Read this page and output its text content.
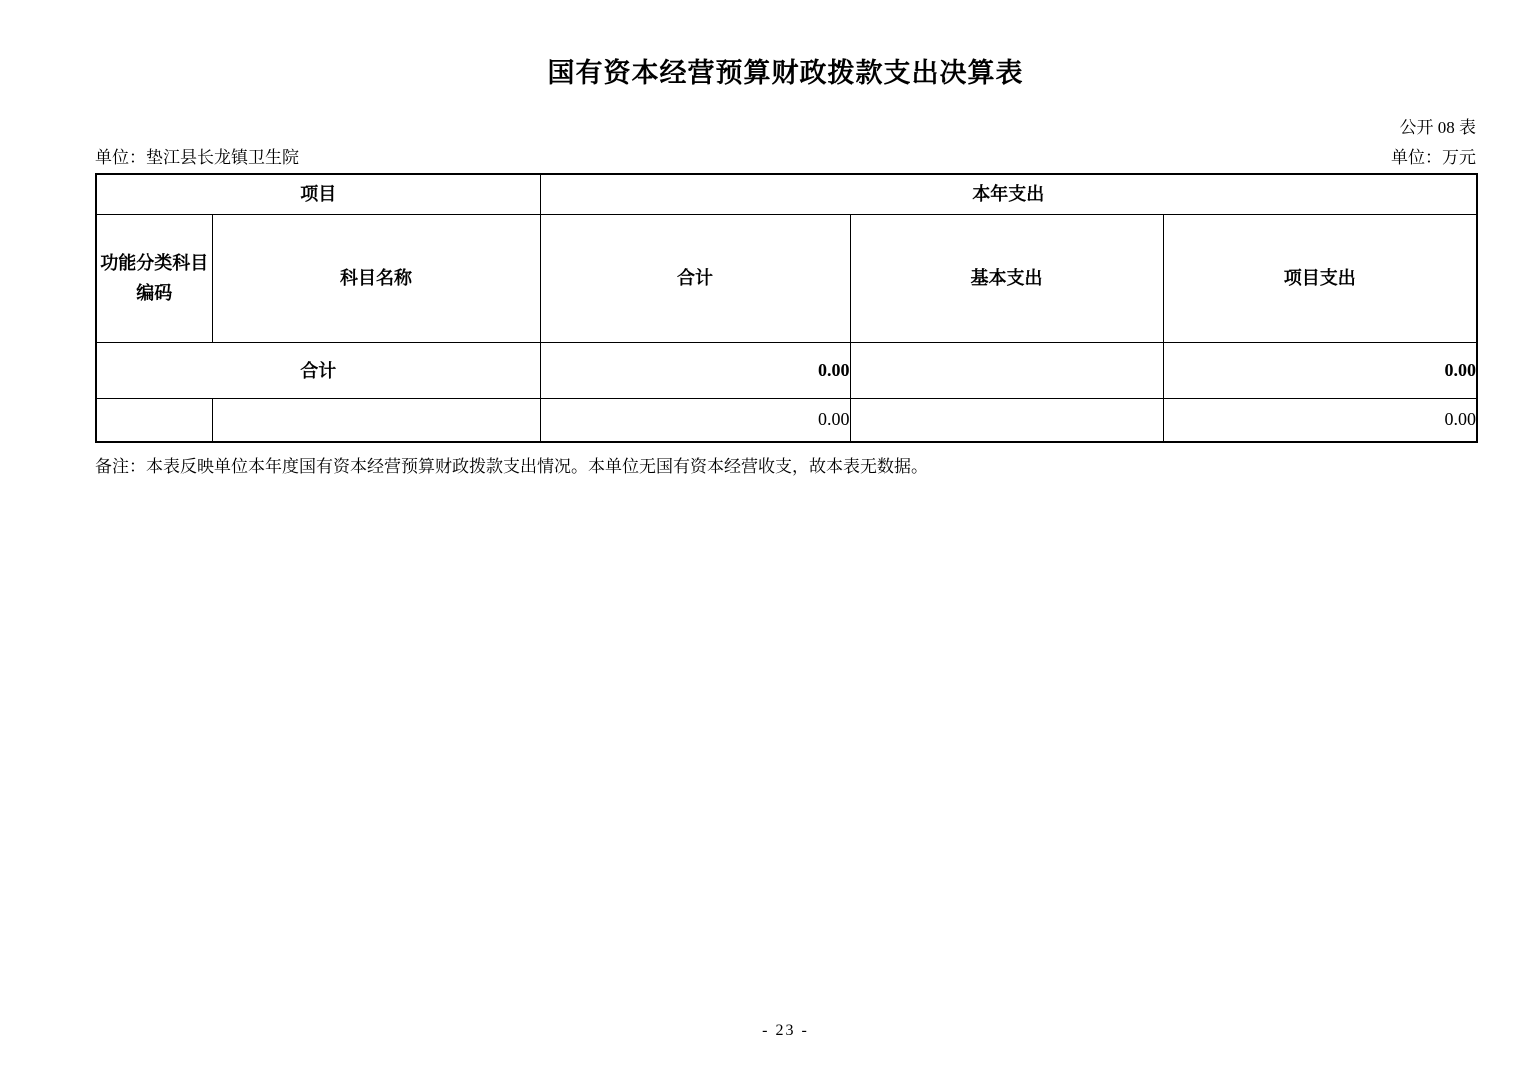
国有资本经营预算财政拨款支出决算表
公开 08 表
单位：垫江县长龙镇卫生院	单位：万元
项目		本年支出		
功能分类科目编码	科目名称	合计	基本支出	项目支出
合计		0.00		0.00
		0.00		0.00

备注：本表反映单位本年度国有资本经营预算财政拨款支出情况。本单位无国有资本经营收支，故本表无数据。

- 23 -
